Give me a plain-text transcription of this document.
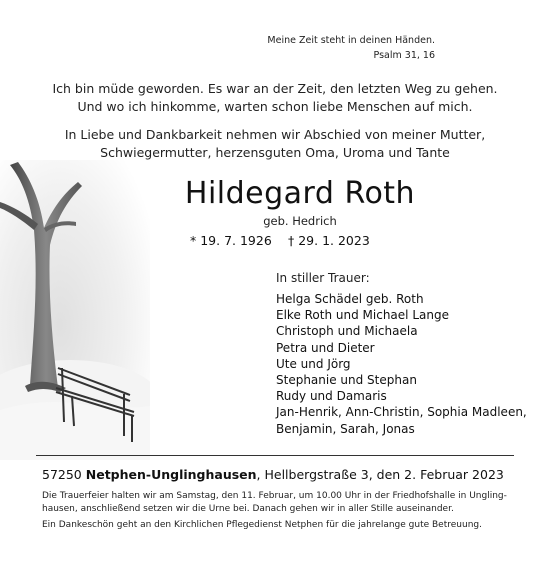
Meine Zeit steht in deinen Händen.
Psalm 31, 16
Ich bin müde geworden. Es war an der Zeit, den letzten Weg zu gehen.
Und wo ich hinkomme, warten schon liebe Menschen auf mich.
In Liebe und Dankbarkeit nehmen wir Abschied von meiner Mutter,
Schwiegermutter, herzensguten Oma, Uroma und Tante
Hildegard Roth
geb. Hedrich
* 19. 7. 1926 † 29. 1. 2023
In stiller Trauer:
Helga Schädel geb. Roth
Elke Roth und Michael Lange
Christoph und Michaela
Petra und Dieter
Ute und Jörg
Stephanie und Stephan
Rudy und Damaris
Jan-Henrik, Ann-Christin, Sophia Madleen,
Benjamin, Sarah, Jonas
57250 Netphen-Unglinghausen, Hellbergstraße 3, den 2. Februar 2023
Die Trauerfeier halten wir am Samstag, den 11. Februar, um 10.00 Uhr in der Friedhofshalle in Ungling-
hausen, anschließend setzen wir die Urne bei. Danach gehen wir in aller Stille auseinander.
Ein Dankeschön geht an den Kirchlichen Pflegedienst Netphen für die jahrelange gute Betreuung.
